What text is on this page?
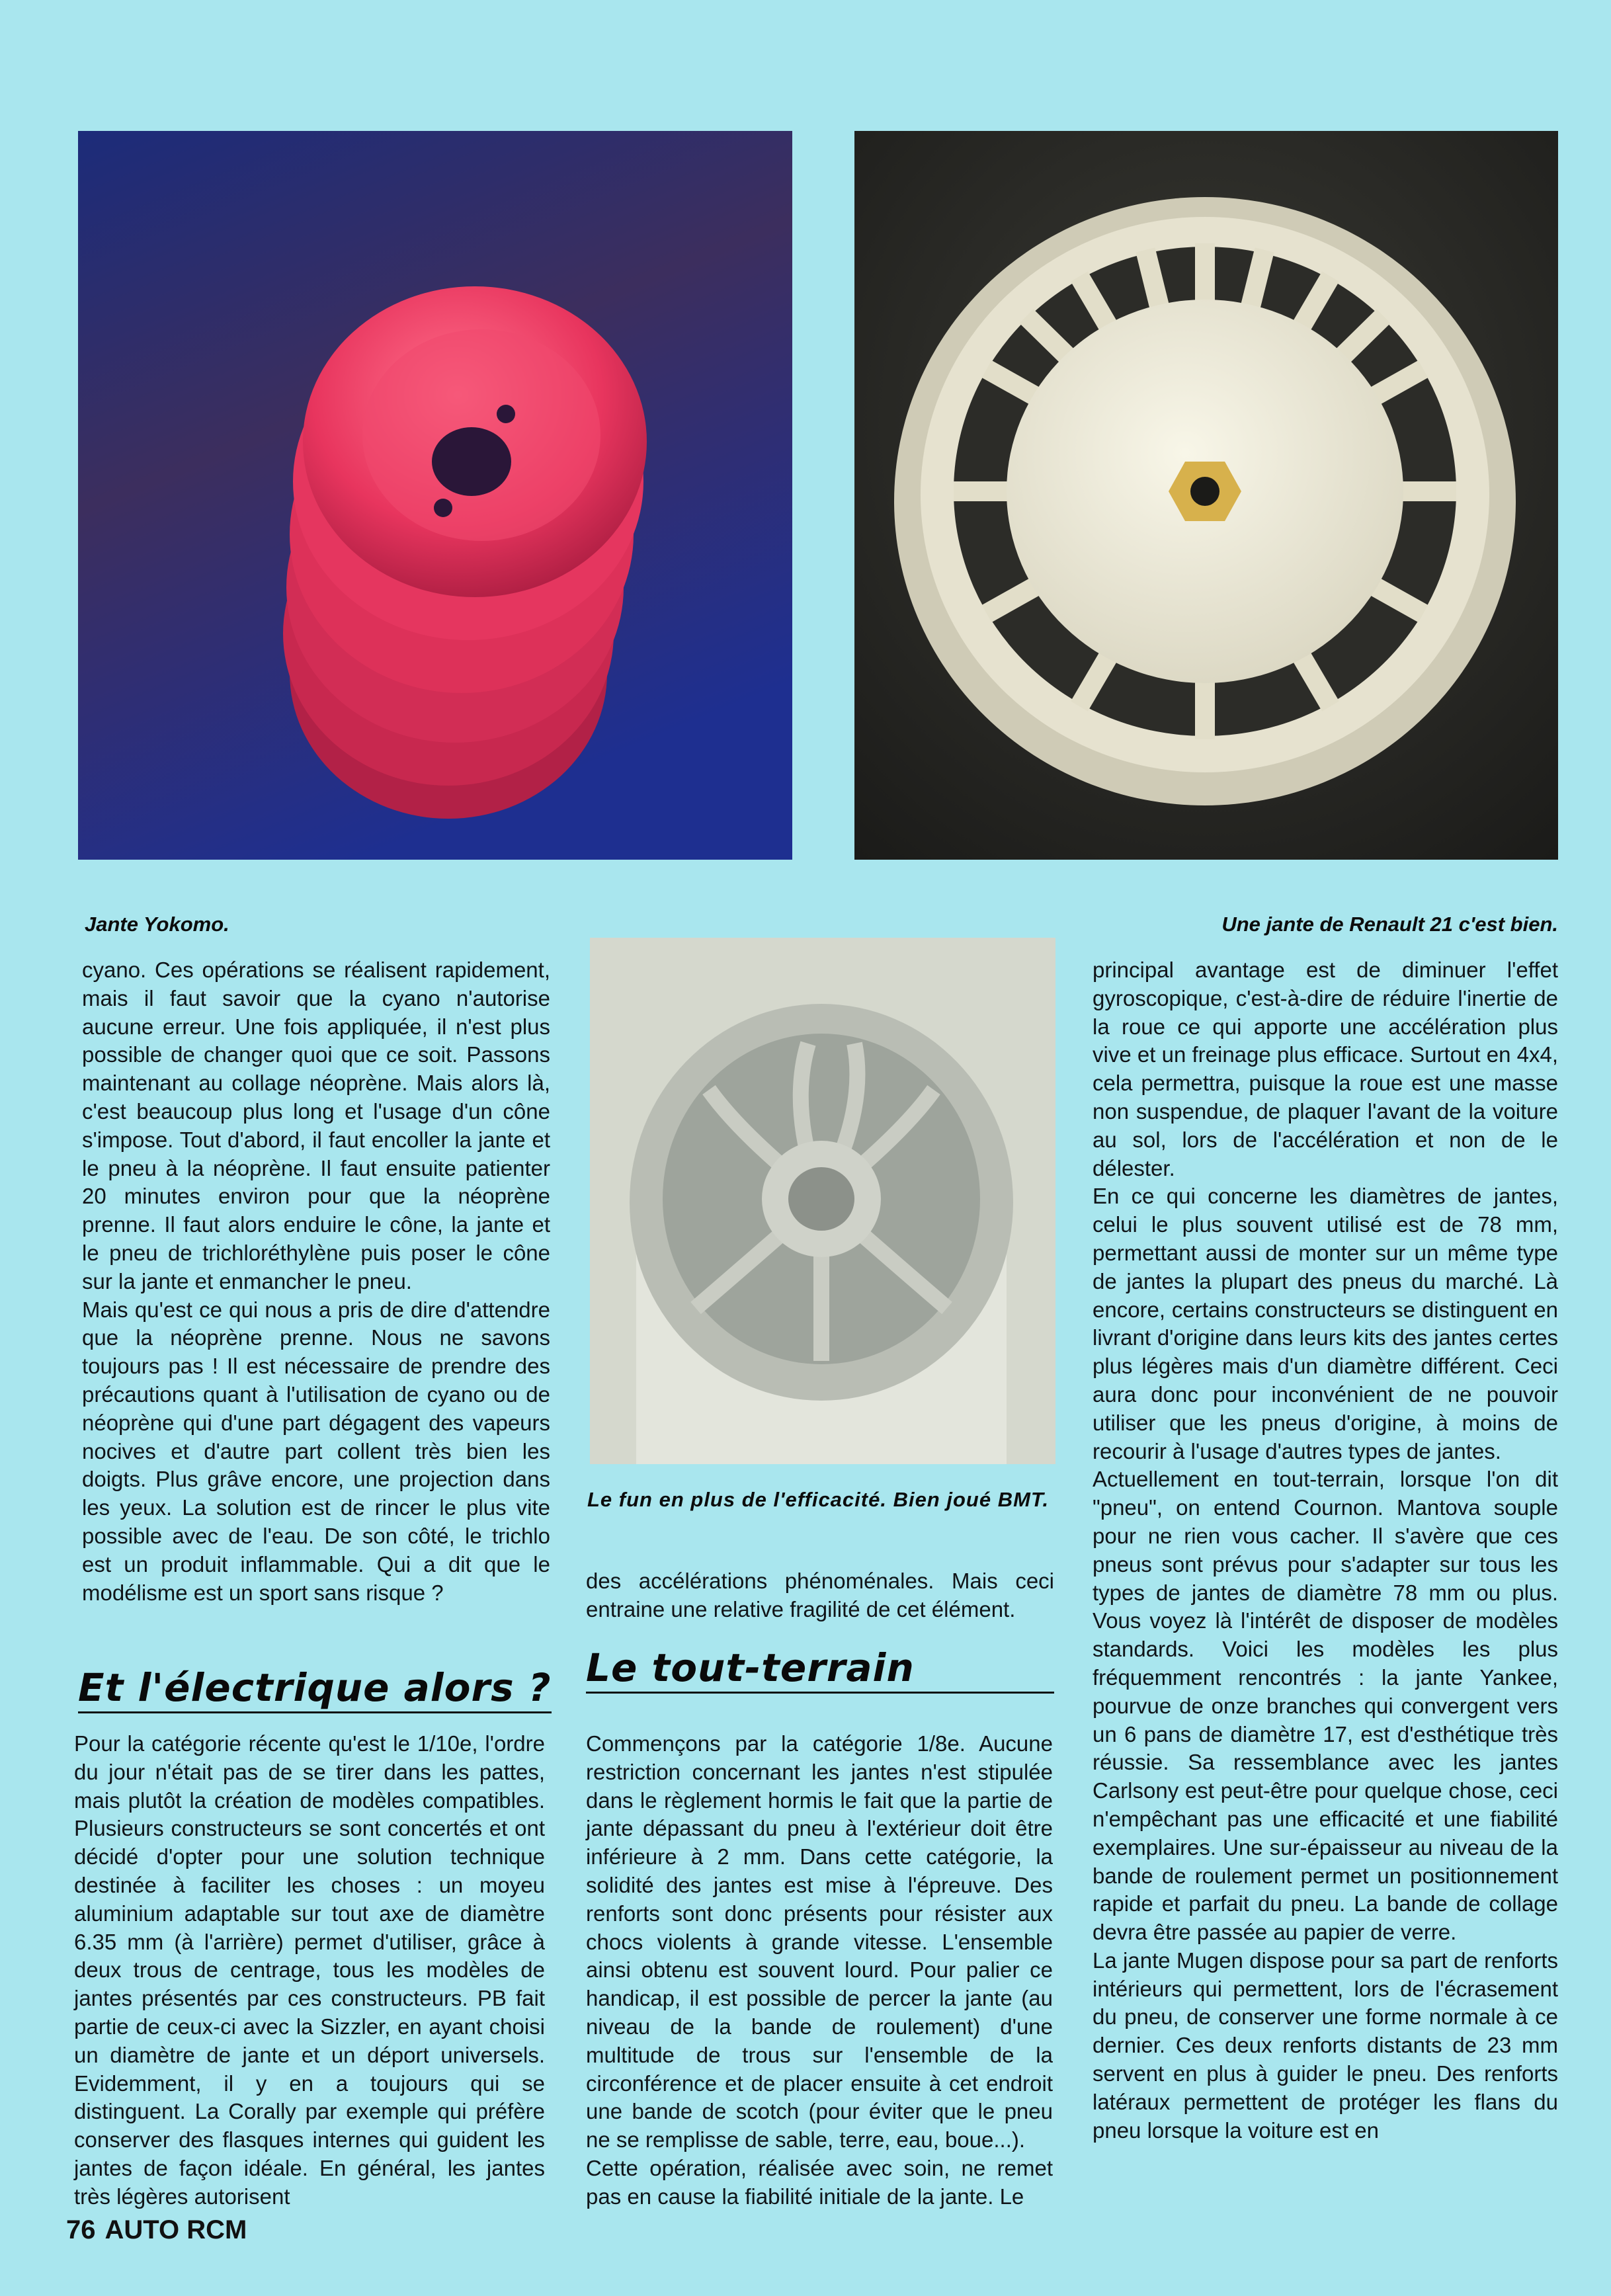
Jante Yokomo.	Une jante de Renault 21 c'est bien.
Le fun en plus de l'efficacité. Bien joué BMT.

cyano. Ces opérations se réalisent rapidement, mais il faut savoir que la cyano n'autorise aucune erreur. Une fois appliquée, il n'est plus possible de changer quoi que ce soit. Passons maintenant au collage néoprène. Mais alors là, c'est beaucoup plus long et l'usage d'un cône s'impose. Tout d'abord, il faut encoller la jante et le pneu à la néoprène. Il faut ensuite patienter 20 minutes environ pour que la néoprène prenne. Il faut alors enduire le cône, la jante et le pneu de trichloréthylène puis poser le cône sur la jante et enmancher le pneu.

Mais qu'est ce qui nous a pris de dire d'attendre que la néoprène prenne. Nous ne savons toujours pas ! Il est nécessaire de prendre des précautions quant à l'utilisation de cyano ou de néoprène qui d'une part dégagent des vapeurs nocives et d'autre part collent très bien les doigts. Plus grâve encore, une projection dans les yeux. La solution est de rincer le plus vite possible avec de l'eau. De son côté, le trichlo est un produit inflammable. Qui a dit que le modélisme est un sport sans risque ?

Et l'électrique alors ?

Pour la catégorie récente qu'est le 1/10e, l'ordre du jour n'était pas de se tirer dans les pattes, mais plutôt la création de modèles compatibles. Plusieurs constructeurs se sont concertés et ont décidé d'opter pour une solution technique destinée à faciliter les choses : un moyeu aluminium adaptable sur tout axe de diamètre 6.35 mm (à l'arrière) permet d'utiliser, grâce à deux trous de centrage, tous les modèles de jantes présentés par ces constructeurs. PB fait partie de ceux-ci avec la Sizzler, en ayant choisi un diamètre de jante et un déport universels. Evidemment, il y en a toujours qui se distinguent. La Corally par exemple qui préfère conserver des flasques internes qui guident les jantes de façon idéale. En général, les jantes très légères autorisent

des accélérations phénoménales. Mais ceci entraine une relative fragilité de cet élément.

Le tout-terrain

Commençons par la catégorie 1/8e. Aucune restriction concernant les jantes n'est stipulée dans le règlement hormis le fait que la partie de jante dépassant du pneu à l'extérieur doit être inférieure à 2 mm. Dans cette catégorie, la solidité des jantes est mise à l'épreuve. Des renforts sont donc présents pour résister aux chocs violents à grande vitesse. L'ensemble ainsi obtenu est souvent lourd. Pour palier ce handicap, il est possible de percer la jante (au niveau de la bande de roulement) d'une multitude de trous sur l'ensemble de la circonférence et de placer ensuite à cet endroit une bande de scotch (pour éviter que le pneu ne se remplisse de sable, terre, eau, boue...).

Cette opération, réalisée avec soin, ne remet pas en cause la fiabilité initiale de la jante. Le

principal avantage est de diminuer l'effet gyroscopique, c'est-à-dire de réduire l'inertie de la roue ce qui apporte une accélération plus vive et un freinage plus efficace. Surtout en 4x4, cela permettra, puisque la roue est une masse non suspendue, de plaquer l'avant de la voiture au sol, lors de l'accélération et non de le délester.

En ce qui concerne les diamètres de jantes, celui le plus souvent utilisé est de 78 mm, permettant aussi de monter sur un même type de jantes la plupart des pneus du marché. Là encore, certains constructeurs se distinguent en livrant d'origine dans leurs kits des jantes certes plus légères mais d'un diamètre différent. Ceci aura donc pour inconvénient de ne pouvoir utiliser que les pneus d'origine, à moins de recourir à l'usage d'autres types de jantes.

Actuellement en tout-terrain, lorsque l'on dit "pneu", on entend Cournon. Mantova souple pour ne rien vous cacher. Il s'avère que ces pneus sont prévus pour s'adapter sur tous les types de jantes de diamètre 78 mm ou plus. Vous voyez là l'intérêt de disposer de modèles standards. Voici les modèles les plus fréquemment rencontrés : la jante Yankee, pourvue de onze branches qui convergent vers un 6 pans de diamètre 17, est d'esthétique très réussie. Sa ressemblance avec les jantes Carlsony est peut-être pour quelque chose, ceci n'empêchant pas une efficacité et une fiabilité exemplaires. Une sur-épaisseur au niveau de la bande de roulement permet un positionnement rapide et parfait du pneu. La bande de collage devra être passée au papier de verre.

La jante Mugen dispose pour sa part de renforts intérieurs qui permettent, lors de l'écrasement du pneu, de conserver une forme normale à ce dernier. Ces deux renforts distants de 23 mm servent en plus à guider le pneu. Des renforts latéraux permettent de protéger les flans du pneu lorsque la voiture est en

76 AUTO RCM
